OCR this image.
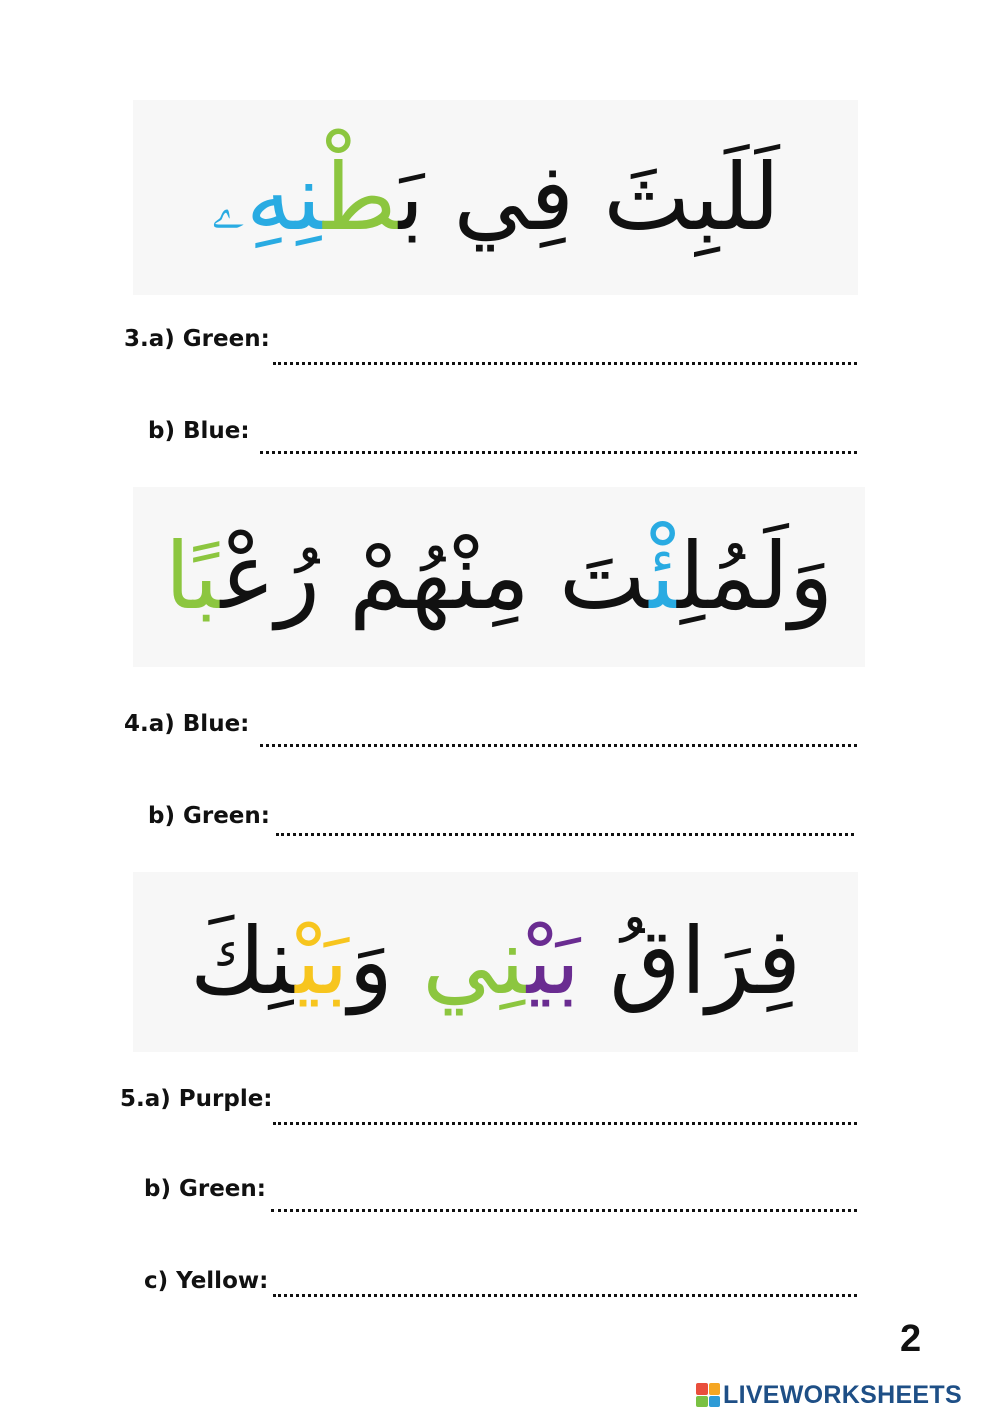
لَلَبِثَ فِي بَطْنِهِۦ
3.a) Green:
b) Blue:
وَلَمُلِئْتَ مِنْهُمْ رُعْبًا
4.a) Blue:
b) Green:
فِرَاقُ بَيْنِي وَبَيْنِكَ
5.a) Purple:
b) Green:
c) Yellow:
2
LIVEWORKSHEETS
